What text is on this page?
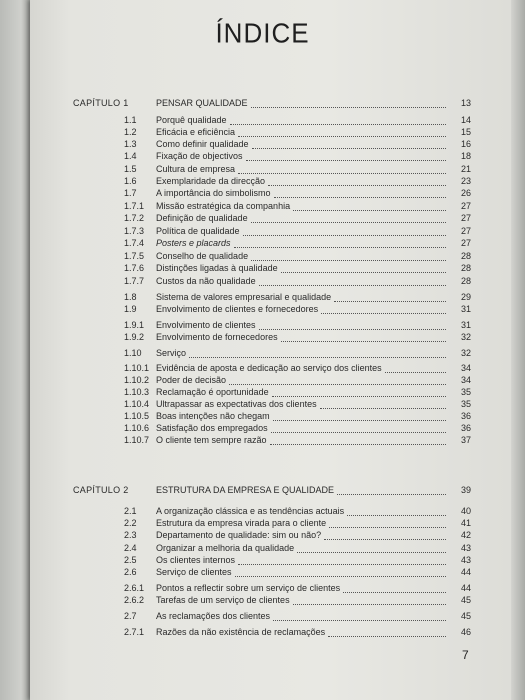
ÍNDICE
CAPÍTULO 1	PENSAR QUALIDADE	13
1.1 Porquê qualidade	14
1.2 Eficácia e eficiência	15
1.3 Como definir qualidade	16
1.4 Fixação de objectivos	18
1.5 Cultura de empresa	21
1.6 Exemplaridade da direcção	23
1.7 A importância do simbolismo	26
1.7.1 Missão estratégica da companhia	27
1.7.2 Definição de qualidade	27
1.7.3 Política de qualidade	27
1.7.4 Posters e placards	27
1.7.5 Conselho de qualidade	28
1.7.6 Distinções ligadas à qualidade	28
1.7.7 Custos da não qualidade	28
1.8 Sistema de valores empresarial e qualidade	29
1.9 Envolvimento de clientes e fornecedores	31
1.9.1 Envolvimento de clientes	31
1.9.2 Envolvimento de fornecedores	32
1.10 Serviço	32
1.10.1 Evidência de aposta e dedicação ao serviço dos clientes	34
1.10.2 Poder de decisão	34
1.10.3 Reclamação é oportunidade	35
1.10.4 Ultrapassar as expectativas dos clientes	35
1.10.5 Boas intenções não chegam	36
1.10.6 Satisfação dos empregados	36
1.10.7 O cliente tem sempre razão	37
CAPÍTULO 2	ESTRUTURA DA EMPRESA E QUALIDADE	39
2.1 A organização clássica e as tendências actuais	40
2.2 Estrutura da empresa virada para o cliente	41
2.3 Departamento de qualidade: sim ou não?	42
2.4 Organizar a melhoria da qualidade	43
2.5 Os clientes internos	43
2.6 Serviço de clientes	44
2.6.1 Pontos a reflectir sobre um serviço de clientes	44
2.6.2 Tarefas de um serviço de clientes	45
2.7 As reclamações dos clientes	45
2.7.1 Razões da não existência de reclamações	46
7
